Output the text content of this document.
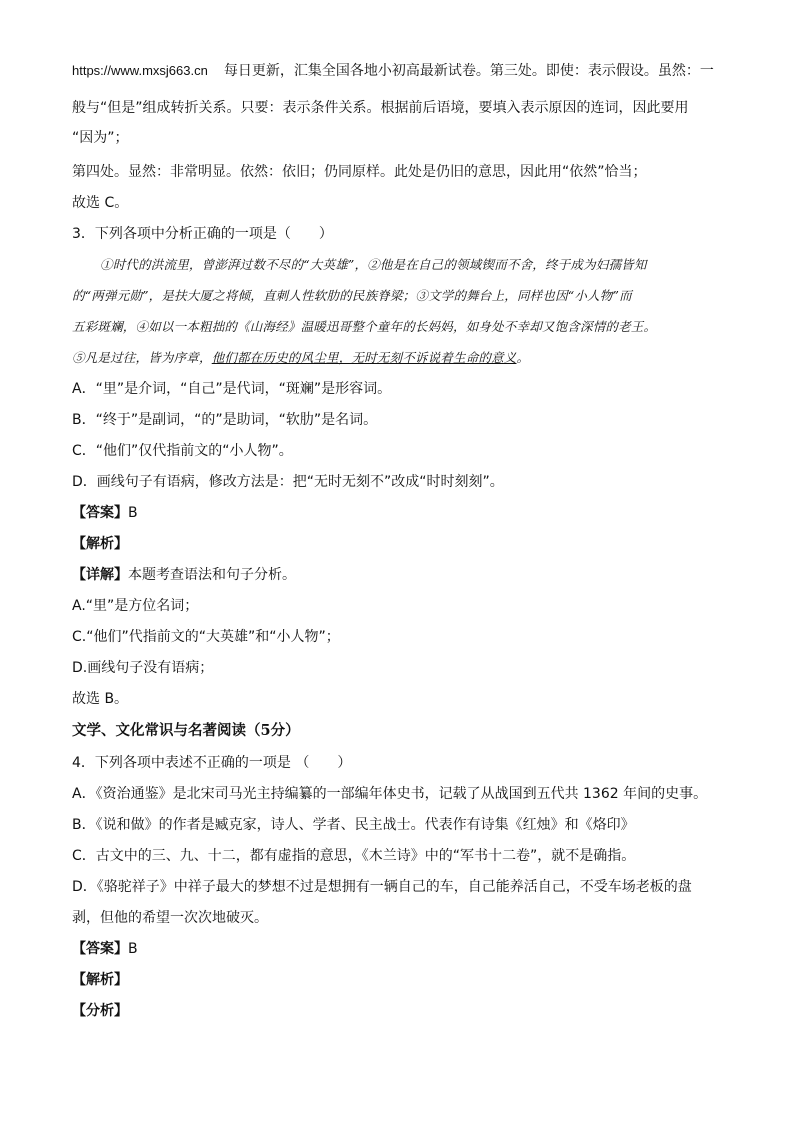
https://www.mxsj663.cn 每日更新，汇集全国各地小初高最新试卷。第三处。即使：表示假设。虽然：一

般与“但是”组成转折关系。只要：表示条件关系。根据前后语境，要填入表示原因的连词，因此要用

“因为”；

第四处。显然：非常明显。依然：依旧；仍同原样。此处是仍旧的意思，因此用“依然”恰当；

故选 C。

3．下列各项中分析正确的一项是（　　）

①时代的洪流里，曾澎湃过数不尽的“大英雄”，②他是在自己的领域锲而不舍，终于成为妇孺皆知

的“两弹元勋”，是扶大厦之将倾，直刺人性软肋的民族脊梁；③文学的舞台上，同样也因“小人物”而

五彩斑斓，④如以一本粗拙的《山海经》温暖迅哥整个童年的长妈妈，如身处不幸却又饱含深情的老王。

⑤凡是过往，皆为序章，他们都在历史的风尘里，无时无刻不诉说着生命的意义。

A．“里”是介词，“自己”是代词，“斑斓”是形容词。

B．“终于”是副词，“的”是助词，“软肋”是名词。

C．“他们”仅代指前文的“小人物”。

D．画线句子有语病，修改方法是：把“无时无刻不”改成“时时刻刻”。

【答案】B

【解析】

【详解】本题考查语法和句子分析。

A.“里”是方位名词；

C.“他们”代指前文的“大英雄”和“小人物”；

D.画线句子没有语病；

故选 B。

文学、文化常识与名著阅读（5分）

4．下列各项中表述不正确的一项是 （　　）

A．《资治通鉴》是北宋司马光主持编纂的一部编年体史书，记载了从战国到五代共 1362 年间的史事。

B．《说和做》的作者是臧克家，诗人、学者、民主战士。代表作有诗集《红烛》和《烙印》

C．古文中的三、九、十二，都有虚指的意思，《木兰诗》中的“军书十二卷”，就不是确指。

D．《骆驼祥子》中祥子最大的梦想不过是想拥有一辆自己的车，自己能养活自己，不受车场老板的盘

剥，但他的希望一次次地破灭。

【答案】B

【解析】

【分析】
